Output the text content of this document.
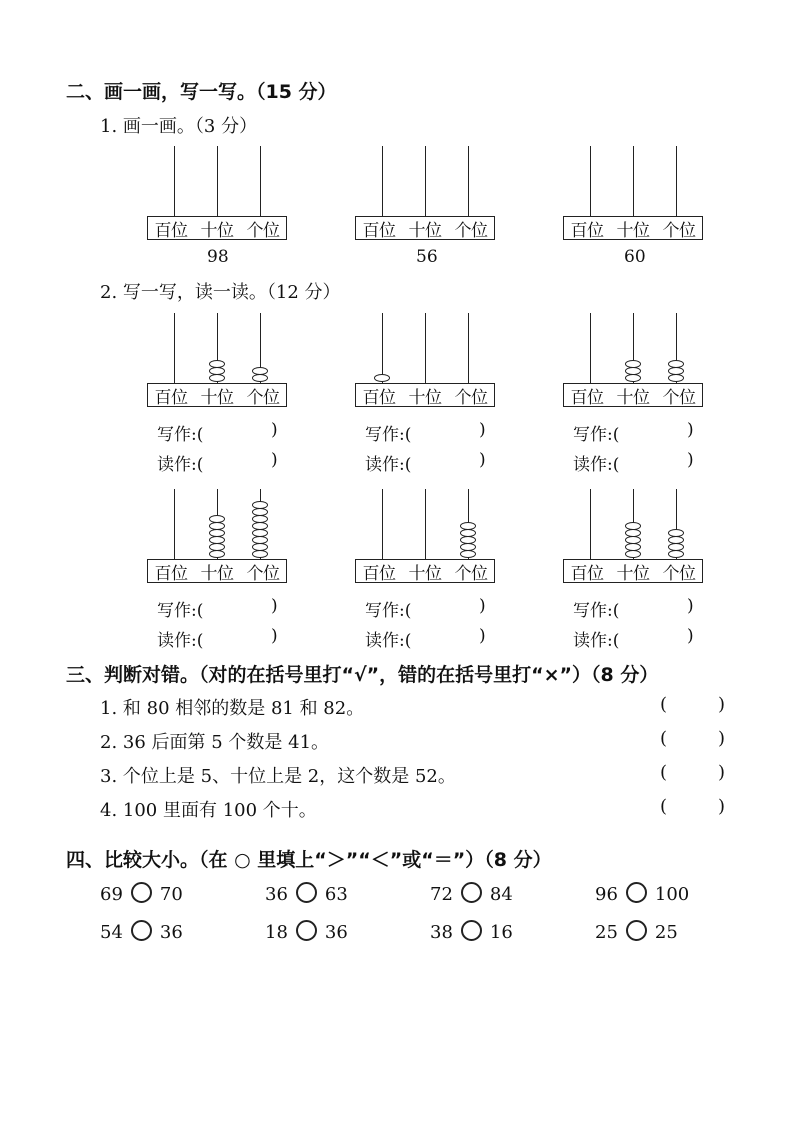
二、画一画，写一写。（15 分）
1. 画一画。（3 分）
百位 十位 个位	百位 十位 个位	百位 十位 个位
98	56	60
2. 写一写，读一读。（12 分）
百位 十位 个位	百位 十位 个位	百位 十位 个位
百位 十位 个位	百位 十位 个位	百位 十位 个位
写作:(	)
读作:(	)
写作:(	)
读作:(	)
写作:(	)
读作:(	)
写作:(	)
读作:(	)
写作:(	)
读作:(	)
写作:(	)
读作:(	)
三、判断对错。（对的在括号里打“√”，错的在括号里打“×”）（8 分）
1. 和 80 相邻的数是 81 和 82。
2. 36 后面第 5 个数是 41。
3. 个位上是 5、十位上是 2，这个数是 52。
4. 100 里面有 100 个十。
(	)
(	)
(	)
(	)
四、比较大小。（在 ○ 里填上“＞”“＜”或“＝”）（8 分）
69 70	36 63	72 84	96 100
54 36	18 36	38 16	25 25
